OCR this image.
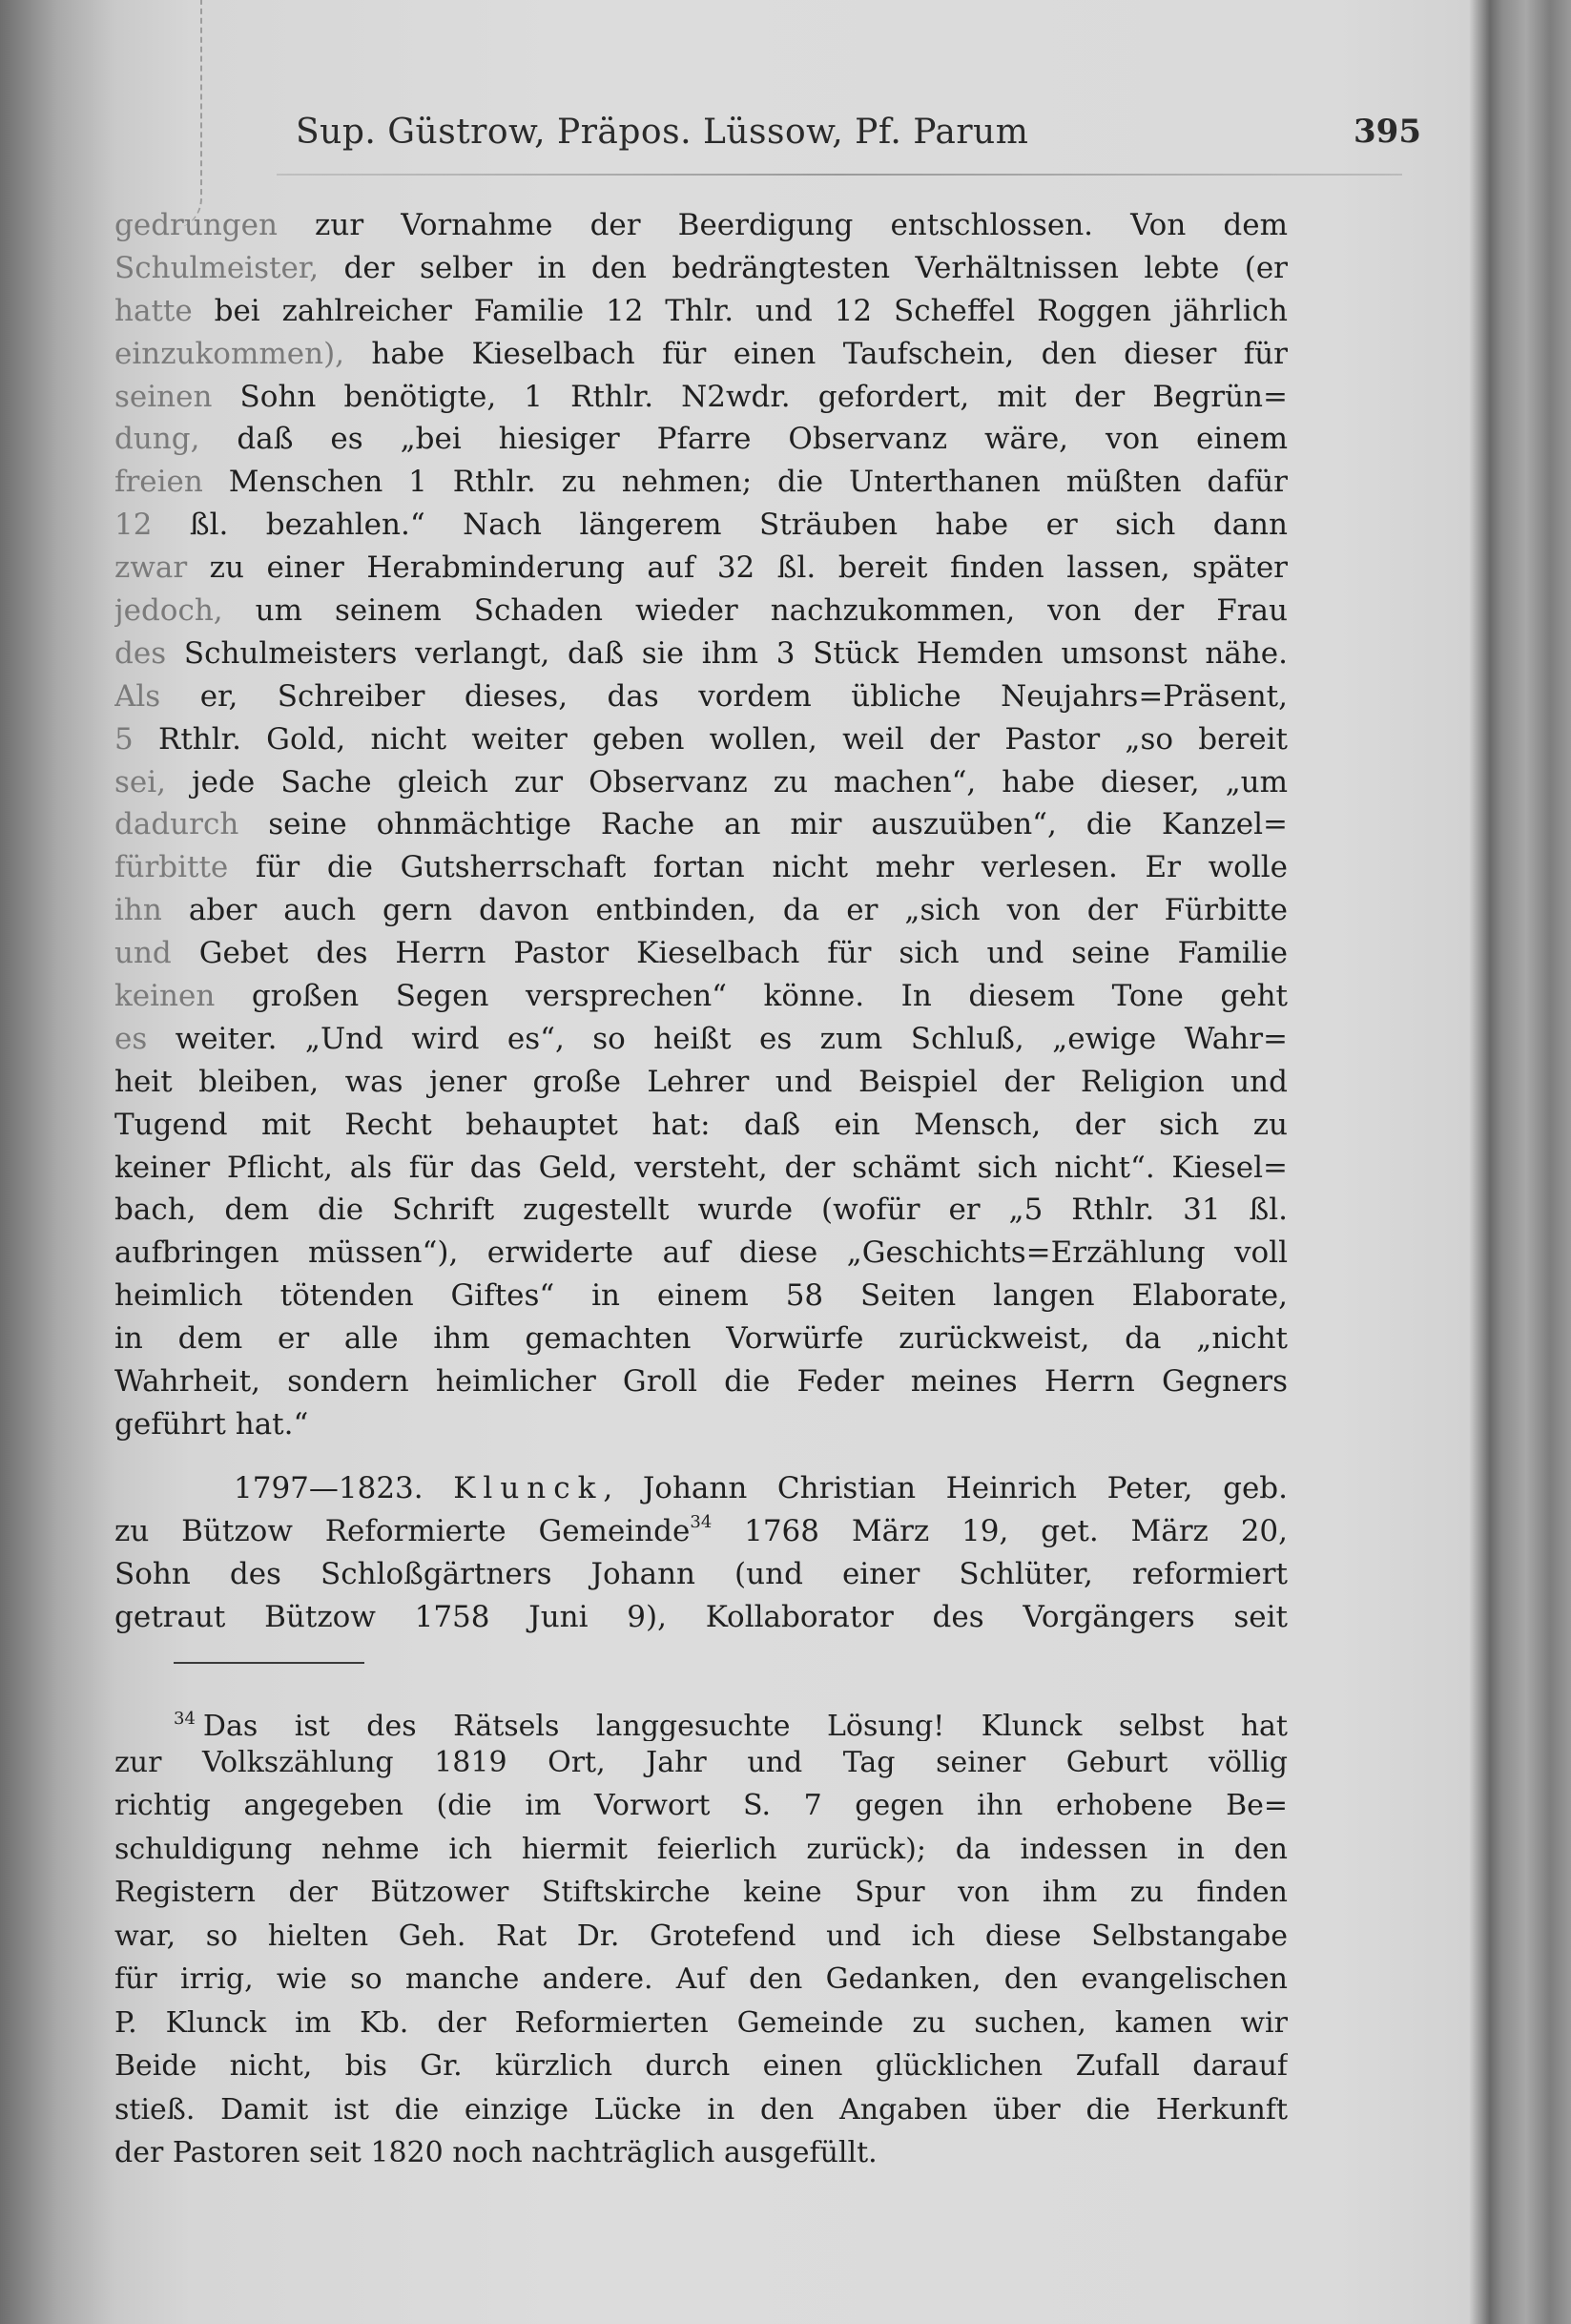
Sup. Güstrow, Präpos. Lüssow, Pf. Parum	395
gedrungen zur Vornahme der Beerdigung entschlossen. Von dem
Schulmeister, der selber in den bedrängtesten Verhältnissen lebte (er
hatte bei zahlreicher Familie 12 Thlr. und 12 Scheffel Roggen jährlich
einzukommen), habe Kieselbach für einen Taufschein, den dieser für
seinen Sohn benötigte, 1 Rthlr. N2wdr. gefordert, mit der Begrün=
dung, daß es „bei hiesiger Pfarre Observanz wäre, von einem
freien Menschen 1 Rthlr. zu nehmen; die Unterthanen müßten dafür
12 ßl. bezahlen.“ Nach längerem Sträuben habe er sich dann
zwar zu einer Herabminderung auf 32 ßl. bereit finden lassen, später
jedoch, um seinem Schaden wieder nachzukommen, von der Frau
des Schulmeisters verlangt, daß sie ihm 3 Stück Hemden umsonst nähe.
Als er, Schreiber dieses, das vordem übliche Neujahrs=Präsent,
5 Rthlr. Gold, nicht weiter geben wollen, weil der Pastor „so bereit
sei, jede Sache gleich zur Observanz zu machen“, habe dieser, „um
dadurch seine ohnmächtige Rache an mir auszuüben“, die Kanzel=
fürbitte für die Gutsherrschaft fortan nicht mehr verlesen. Er wolle
ihn aber auch gern davon entbinden, da er „sich von der Fürbitte
und Gebet des Herrn Pastor Kieselbach für sich und seine Familie
keinen großen Segen versprechen“ könne. In diesem Tone geht
es weiter. „Und wird es“, so heißt es zum Schluß, „ewige Wahr=
heit bleiben, was jener große Lehrer und Beispiel der Religion und
Tugend mit Recht behauptet hat: daß ein Mensch, der sich zu
keiner Pflicht, als für das Geld, versteht, der schämt sich nicht“. Kiesel=
bach, dem die Schrift zugestellt wurde (wofür er „5 Rthlr. 31 ßl.
aufbringen müssen“), erwiderte auf diese „Geschichts=Erzählung voll
heimlich tötenden Giftes“ in einem 58 Seiten langen Elaborate,
in dem er alle ihm gemachten Vorwürfe zurückweist, da „nicht
Wahrheit, sondern heimlicher Groll die Feder meines Herrn Gegners
geführt hat.“
1797—1823. Klunck, Johann Christian Heinrich Peter, geb.
zu Bützow Reformierte Gemeinde$^{34}$ 1768 März 19, get. März 20,
Sohn des Schloßgärtners Johann (und einer Schlüter, reformiert
getraut Bützow 1758 Juni 9), Kollaborator des Vorgängers seit
$^{34}$ Das ist des Rätsels langgesuchte Lösung! Klunck selbst hat
zur Volkszählung 1819 Ort, Jahr und Tag seiner Geburt völlig
richtig angegeben (die im Vorwort S. 7 gegen ihn erhobene Be=
schuldigung nehme ich hiermit feierlich zurück); da indessen in den
Registern der Bützower Stiftskirche keine Spur von ihm zu finden
war, so hielten Geh. Rat Dr. Grotefend und ich diese Selbstangabe
für irrig, wie so manche andere. Auf den Gedanken, den evangelischen
P. Klunck im Kb. der Reformierten Gemeinde zu suchen, kamen wir
Beide nicht, bis Gr. kürzlich durch einen glücklichen Zufall darauf
stieß. Damit ist die einzige Lücke in den Angaben über die Herkunft
der Pastoren seit 1820 noch nachträglich ausgefüllt.
